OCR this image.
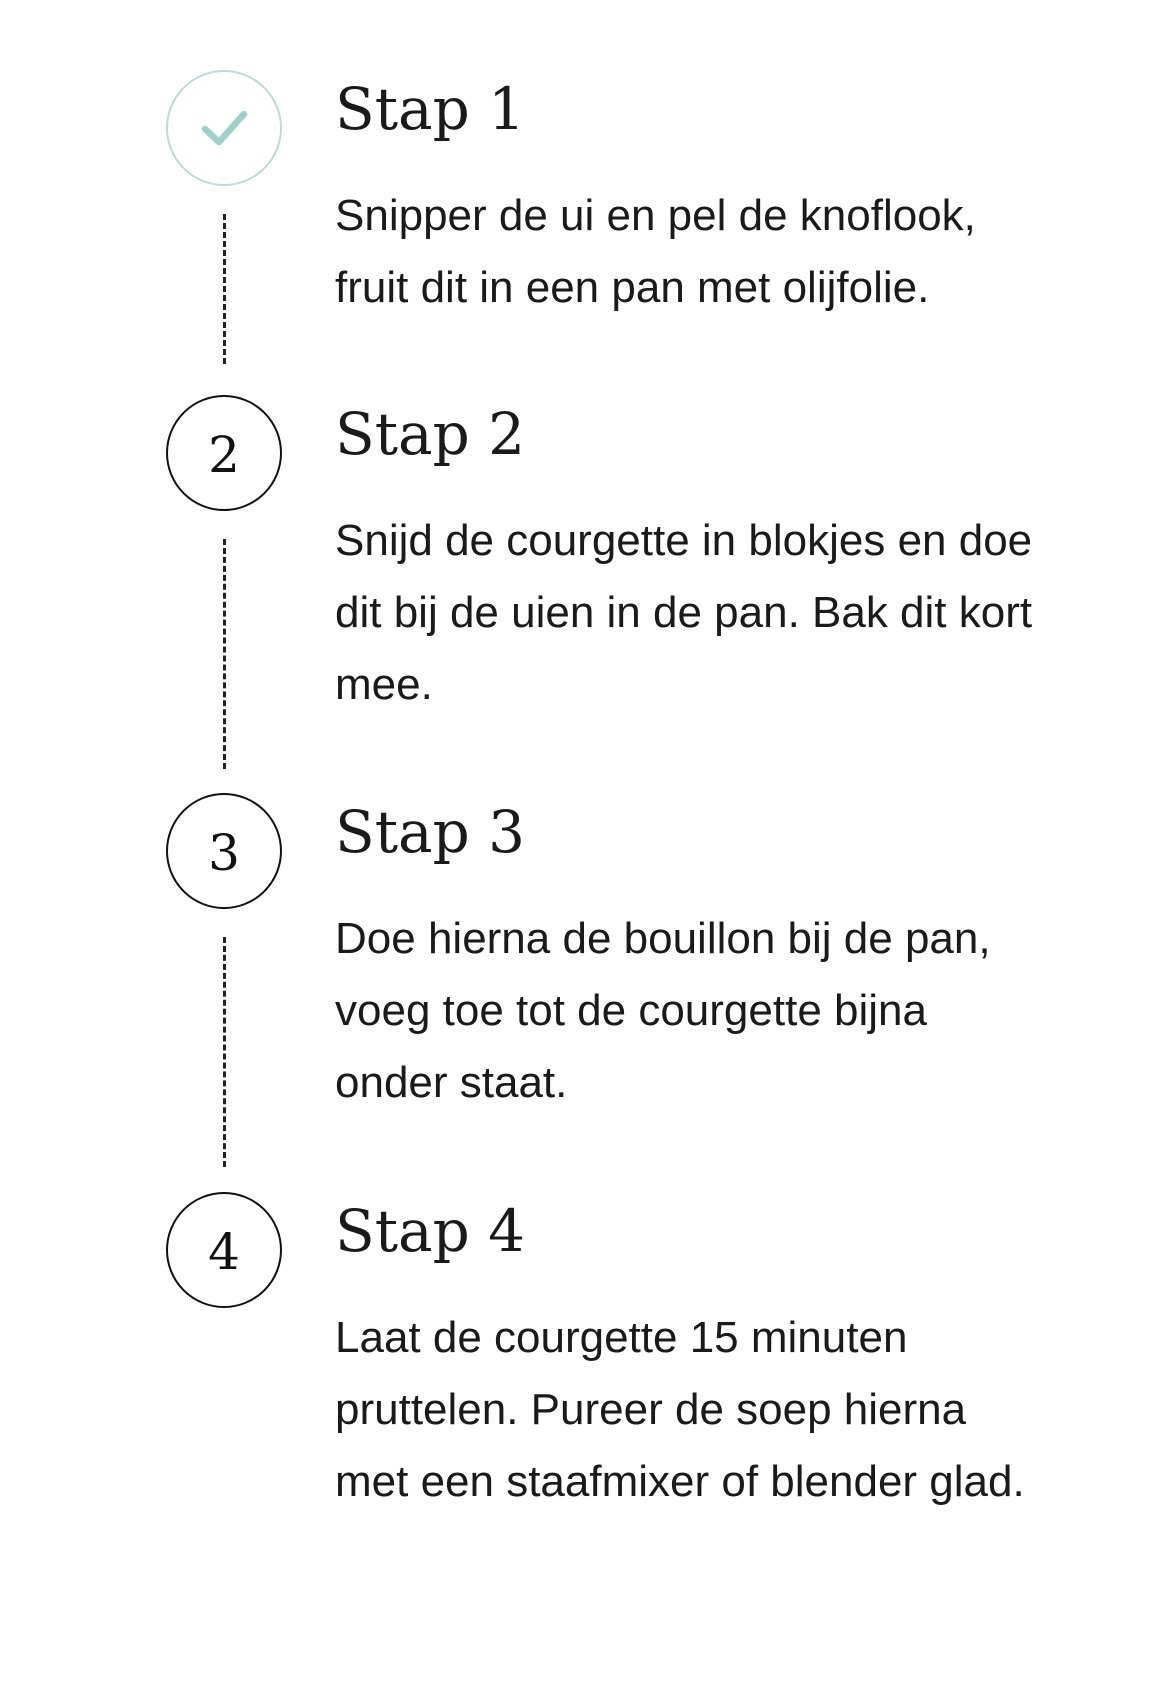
Stap 1

Snipper de ui en pel de knoflook, fruit dit in een pan met olijfolie.

2 Stap 2

Snijd de courgette in blokjes en doe dit bij de uien in de pan. Bak dit kort mee.

3 Stap 3

Doe hierna de bouillon bij de pan, voeg toe tot de courgette bijna onder staat.

4 Stap 4

Laat de courgette 15 minuten pruttelen. Pureer de soep hierna met een staafmixer of blender glad.
